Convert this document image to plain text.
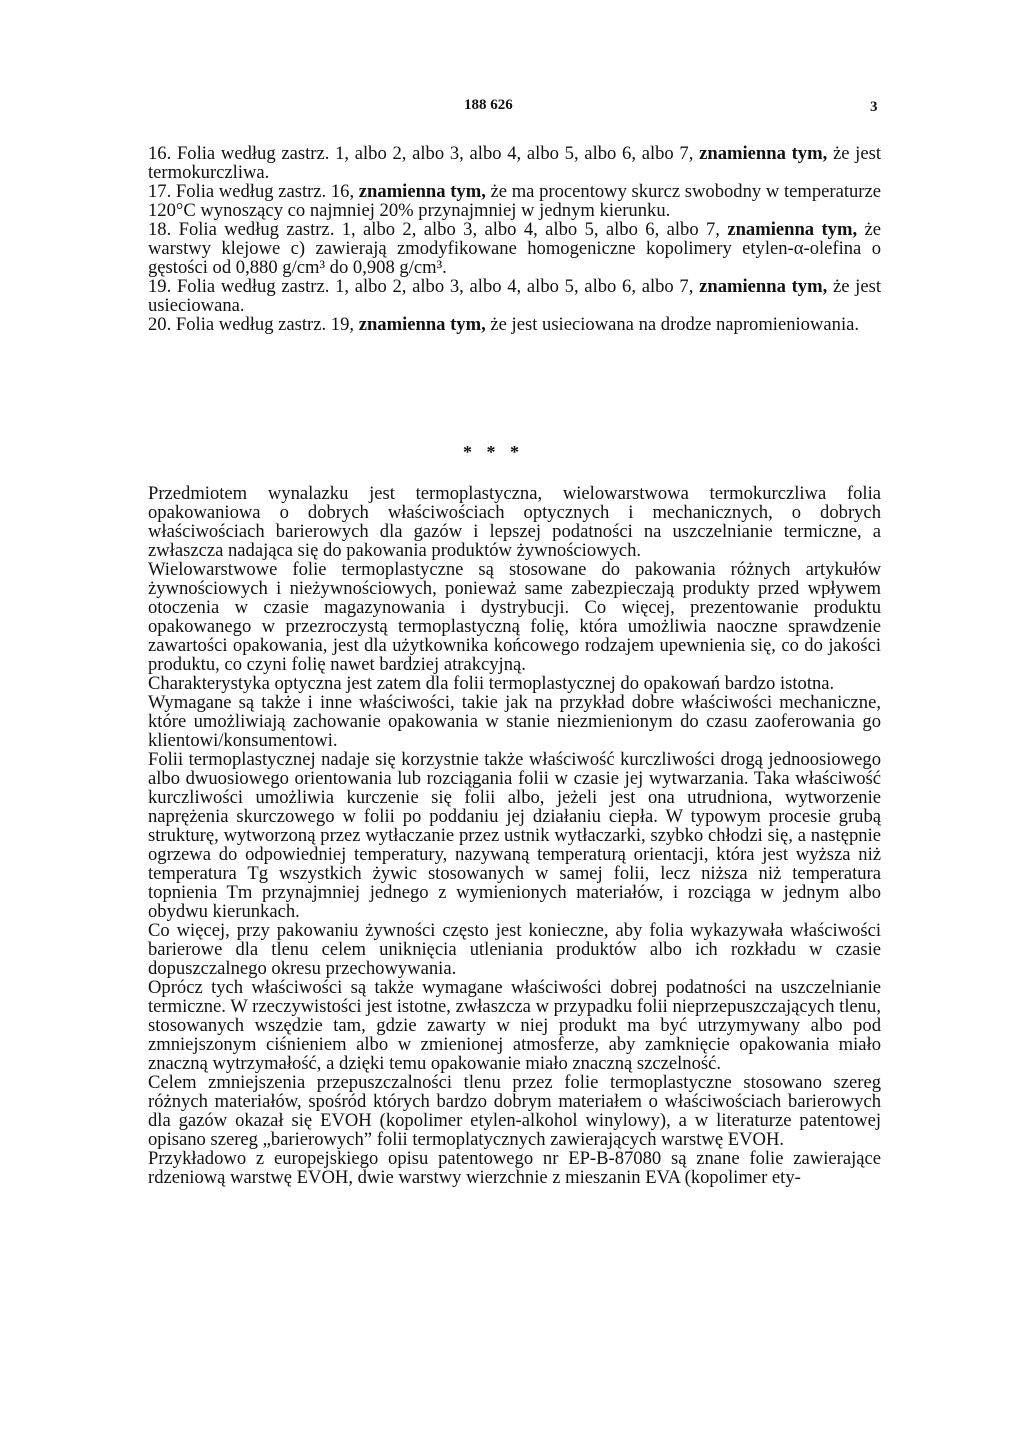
188 626	3

16. Folia według zastrz. 1, albo 2, albo 3, albo 4, albo 5, albo 6, albo 7, znamienna tym, że jest termokurczliwa.

17. Folia według zastrz. 16, znamienna tym, że ma procentowy skurcz swobodny w temperaturze 120°C wynoszący co najmniej 20% przynajmniej w jednym kierunku.

18. Folia według zastrz. 1, albo 2, albo 3, albo 4, albo 5, albo 6, albo 7, znamienna tym, że warstwy klejowe c) zawierają zmodyfikowane homogeniczne kopolimery etylen-α-olefina o gęstości od 0,880 g/cm³ do 0,908 g/cm³.

19. Folia według zastrz. 1, albo 2, albo 3, albo 4, albo 5, albo 6, albo 7, znamienna tym, że jest usieciowana.

20. Folia według zastrz. 19, znamienna tym, że jest usieciowana na drodze napromieniowania.

* * *

Przedmiotem wynalazku jest termoplastyczna, wielowarstwowa termokurczliwa folia opakowaniowa o dobrych właściwościach optycznych i mechanicznych, o dobrych właściwościach barierowych dla gazów i lepszej podatności na uszczelnianie termiczne, a zwłaszcza nadająca się do pakowania produktów żywnościowych.

Wielowarstwowe folie termoplastyczne są stosowane do pakowania różnych artykułów żywnościowych i nieżywnościowych, ponieważ same zabezpieczają produkty przed wpływem otoczenia w czasie magazynowania i dystrybucji. Co więcej, prezentowanie produktu opakowanego w przezroczystą termoplastyczną folię, która umożliwia naoczne sprawdzenie zawartości opakowania, jest dla użytkownika końcowego rodzajem upewnienia się, co do jakości produktu, co czyni folię nawet bardziej atrakcyjną.

Charakterystyka optyczna jest zatem dla folii termoplastycznej do opakowań bardzo istotna.

Wymagane są także i inne właściwości, takie jak na przykład dobre właściwości mechaniczne, które umożliwiają zachowanie opakowania w stanie niezmienionym do czasu zaoferowania go klientowi/konsumentowi.

Folii termoplastycznej nadaje się korzystnie także właściwość kurczliwości drogą jednoosiowego albo dwuosiowego orientowania lub rozciągania folii w czasie jej wytwarzania. Taka właściwość kurczliwości umożliwia kurczenie się folii albo, jeżeli jest ona utrudniona, wytworzenie naprężenia skurczowego w folii po poddaniu jej działaniu ciepła. W typowym procesie grubą strukturę, wytworzoną przez wytłaczanie przez ustnik wytłaczarki, szybko chłodzi się, a następnie ogrzewa do odpowiedniej temperatury, nazywaną temperaturą orientacji, która jest wyższa niż temperatura Tg wszystkich żywic stosowanych w samej folii, lecz niższa niż temperatura topnienia Tm przynajmniej jednego z wymienionych materiałów, i rozciąga w jednym albo obydwu kierunkach.

Co więcej, przy pakowaniu żywności często jest konieczne, aby folia wykazywała właściwości barierowe dla tlenu celem uniknięcia utleniania produktów albo ich rozkładu w czasie dopuszczalnego okresu przechowywania.

Oprócz tych właściwości są także wymagane właściwości dobrej podatności na uszczelnianie termiczne. W rzeczywistości jest istotne, zwłaszcza w przypadku folii nieprzepuszczających tlenu, stosowanych wszędzie tam, gdzie zawarty w niej produkt ma być utrzymywany albo pod zmniejszonym ciśnieniem albo w zmienionej atmosferze, aby zamknięcie opakowania miało znaczną wytrzymałość, a dzięki temu opakowanie miało znaczną szczelność.

Celem zmniejszenia przepuszczalności tlenu przez folie termoplastyczne stosowano szereg różnych materiałów, spośród których bardzo dobrym materiałem o właściwościach barierowych dla gazów okazał się EVOH (kopolimer etylen-alkohol winylowy), a w literaturze patentowej opisano szereg „barierowych” folii termoplatycznych zawierających warstwę EVOH.

Przykładowo z europejskiego opisu patentowego nr EP-B-87080 są znane folie zawierające rdzeniową warstwę EVOH, dwie warstwy wierzchnie z mieszanin EVA (kopolimer ety-
